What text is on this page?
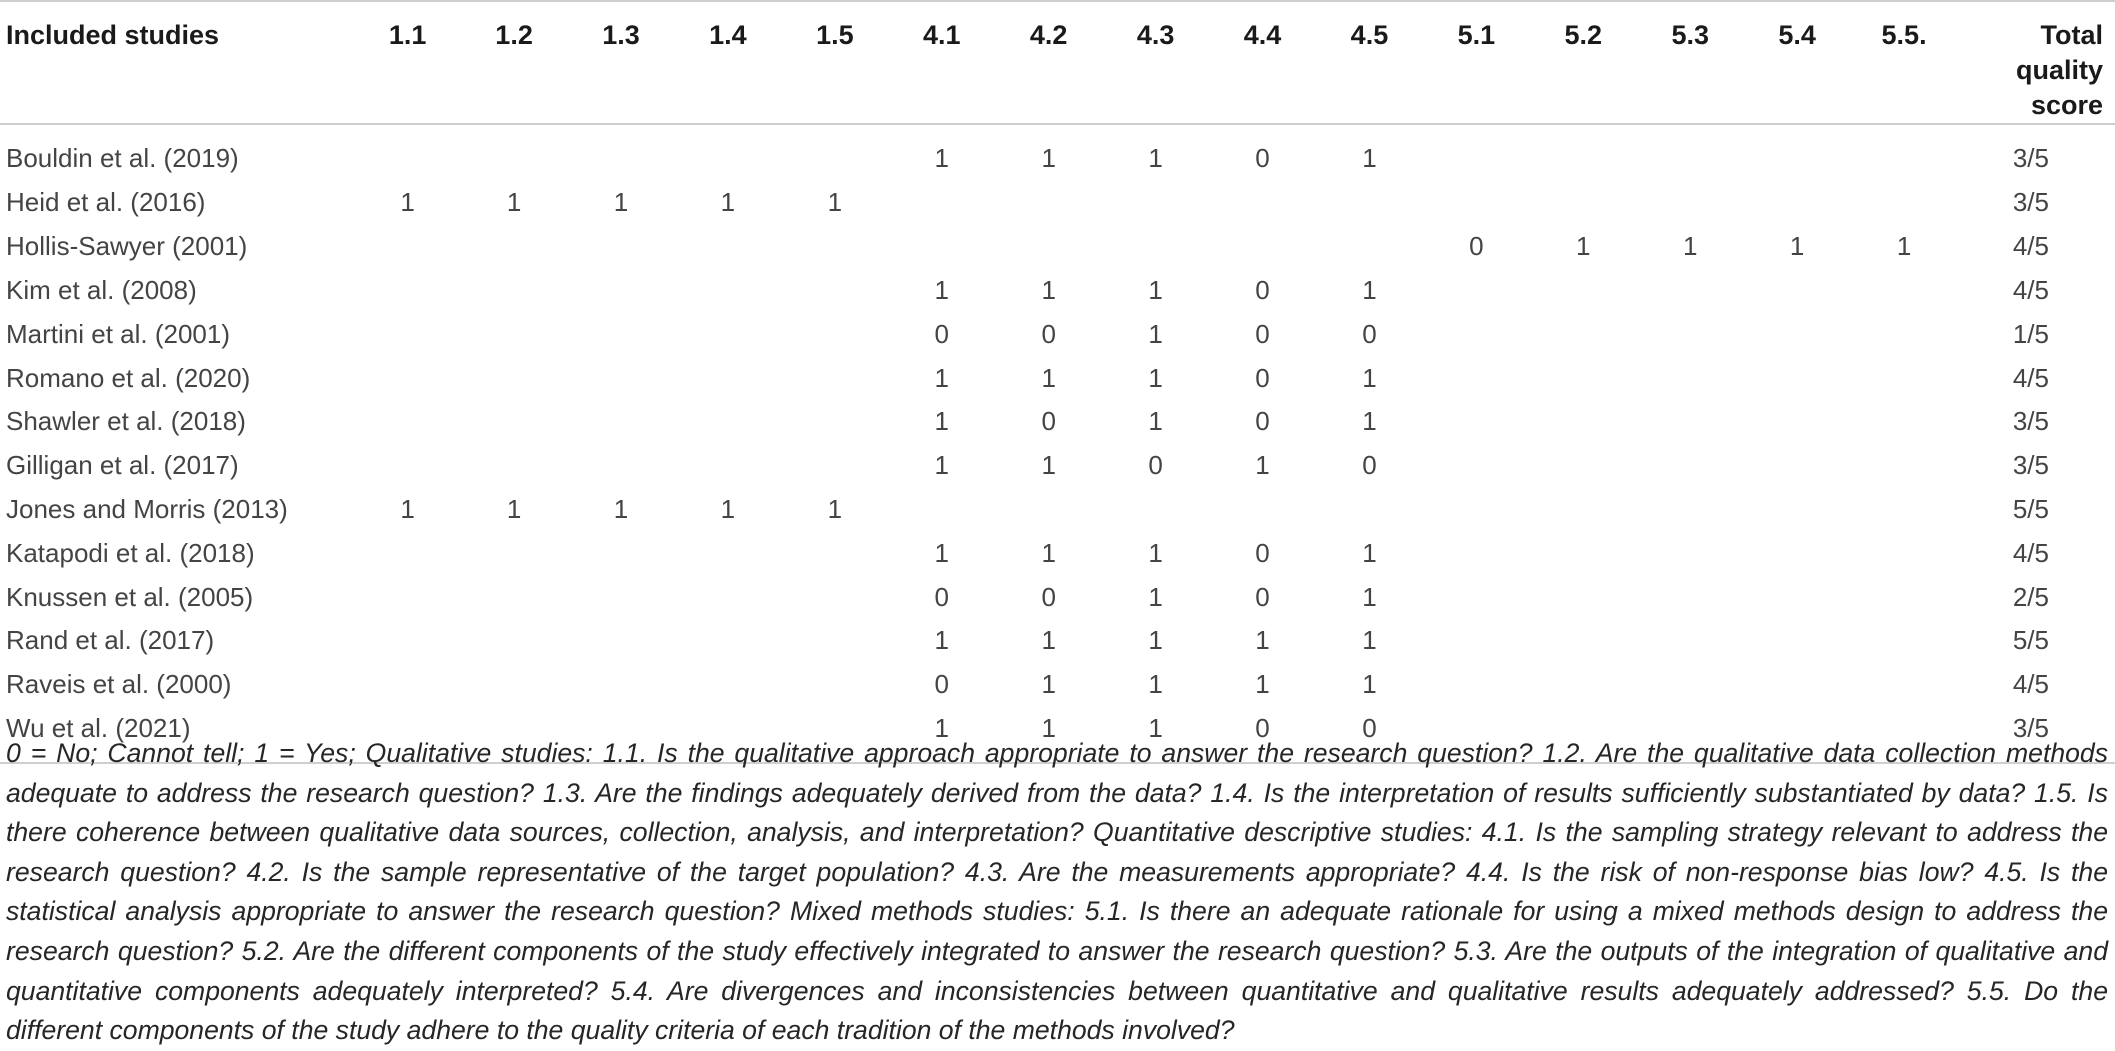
Included studies	1.1	1.2	1.3	1.4	1.5	4.1	4.2	4.3	4.4	4.5	5.1	5.2	5.3	5.4	5.5.	Total quality score
Bouldin et al. (2019)						1	1	1	0	1						3/5
Heid et al. (2016)	1	1	1	1	1											3/5
Hollis-Sawyer (2001)											0	1	1	1	1	4/5
Kim et al. (2008)						1	1	1	0	1						4/5
Martini et al. (2001)						0	0	1	0	0						1/5
Romano et al. (2020)						1	1	1	0	1						4/5
Shawler et al. (2018)						1	0	1	0	1						3/5
Gilligan et al. (2017)						1	1	0	1	0						3/5
Jones and Morris (2013)	1	1	1	1	1											5/5
Katapodi et al. (2018)						1	1	1	0	1						4/5
Knussen et al. (2005)						0	0	1	0	1						2/5
Rand et al. (2017)						1	1	1	1	1						5/5
Raveis et al. (2000)						0	1	1	1	1						4/5
Wu et al. (2021)						1	1	1	0	0						3/5

0 = No; Cannot tell; 1 = Yes; Qualitative studies: 1.1. Is the qualitative approach appropriate to answer the research question? 1.2. Are the qualitative data collection methods adequate to address the research question? 1.3. Are the findings adequately derived from the data? 1.4. Is the interpretation of results sufficiently substantiated by data? 1.5. Is there coherence between qualitative data sources, collection, analysis, and interpretation? Quantitative descriptive studies: 4.1. Is the sampling strategy relevant to address the research question? 4.2. Is the sample representative of the target population? 4.3. Are the measurements appropriate? 4.4. Is the risk of non-response bias low? 4.5. Is the statistical analysis appropriate to answer the research question? Mixed methods studies: 5.1. Is there an adequate rationale for using a mixed methods design to address the research question? 5.2. Are the different components of the study effectively integrated to answer the research question? 5.3. Are the outputs of the integration of qualitative and quantitative components adequately interpreted? 5.4. Are divergences and inconsistencies between quantitative and qualitative results adequately addressed? 5.5. Do the different components of the study adhere to the quality criteria of each tradition of the methods involved?
